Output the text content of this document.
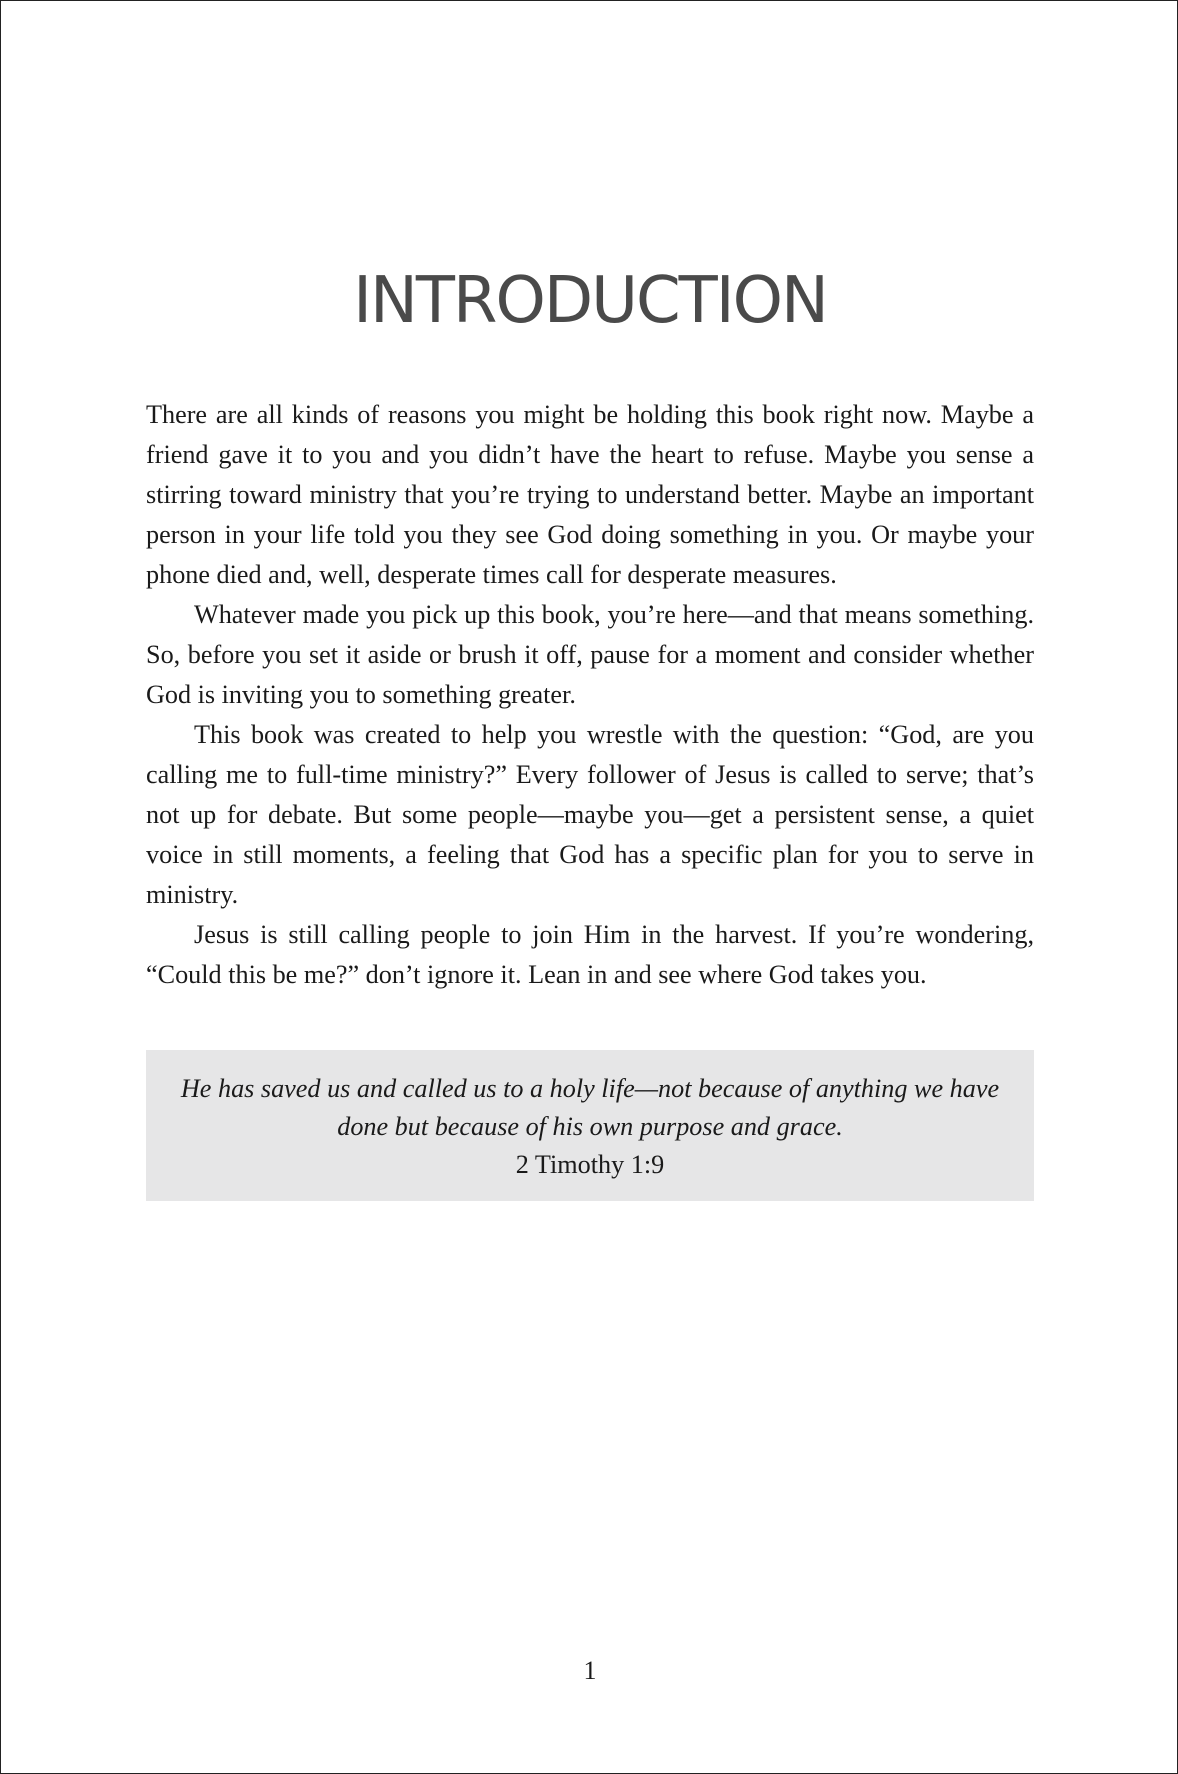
INTRODUCTION

There are all kinds of reasons you might be holding this book right now. Maybe a friend gave it to you and you didn’t have the heart to refuse. Maybe you sense a stirring toward ministry that you’re trying to understand better. Maybe an important person in your life told you they see God doing something in you. Or maybe your phone died and, well, desperate times call for desperate measures.

Whatever made you pick up this book, you’re here—and that means something. So, before you set it aside or brush it off, pause for a moment and consider whether God is inviting you to something greater.

This book was created to help you wrestle with the question: “God, are you calling me to full-time ministry?” Every follower of Jesus is called to serve; that’s not up for debate. But some people—maybe you—get a persistent sense, a quiet voice in still moments, a feeling that God has a specific plan for you to serve in ministry.

Jesus is still calling people to join Him in the harvest. If you’re wondering, “Could this be me?” don’t ignore it. Lean in and see where God takes you.

He has saved us and called us to a holy life—not because of anything we have done but because of his own purpose and grace.
2 Timothy 1:9
1
